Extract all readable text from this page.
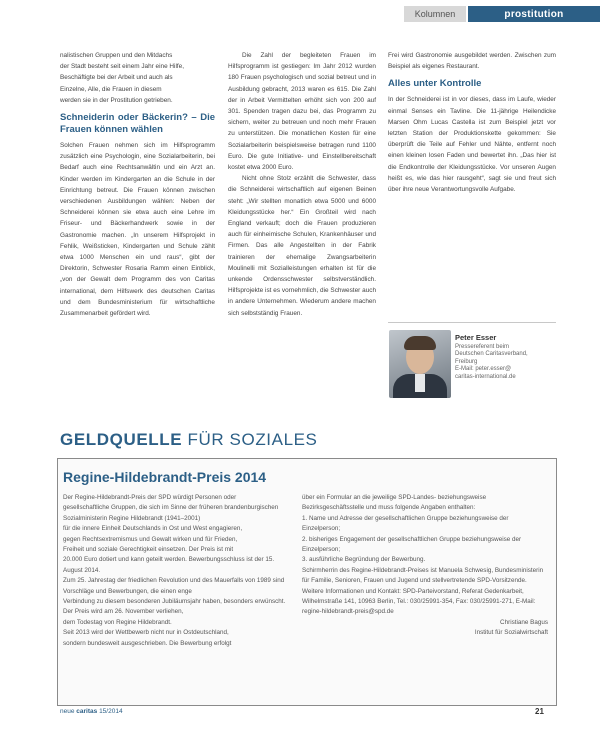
Kolumnen	prostitution

nalistischen Gruppen und den Mitdachs

der Stadt besteht seit einem Jahr eine Hilfe,

Beschäftigte bei der Arbeit und auch als

Einzelne, Alle, die Frauen in diesem

werden sie in der Prostitution getrieben.

Schneiderin oder Bäckerin? – Die Frauen können wählen

Solchen Frauen nehmen sich im Hilfsprogramm zusätzlich eine Psychologin, eine Sozialarbeiterin, bei Bedarf auch eine Rechtsanwältin und ein Arzt an. Kinder werden im Kindergarten an die Schule in der Einrichtung betreut. Die Frauen können zwischen verschiedenen Ausbildungen wählen: Neben der Schneiderei können sie etwa auch eine Lehre im Friseur- und Bäckerhandwerk sowie in der Gastronomie machen. „In unserem Hilfsprojekt in Fehlik, Weißsticken, Kindergarten und Schule zählt etwa 1000 Menschen ein und raus“, gibt der Direktorin, Schwester Rosaria Ramm einen Einblick, „von der Gewalt dem Programm des von Caritas international, dem Hilfswerk des deutschen Caritas und dem Bundesministerium für wirtschaftliche Zusammenarbeit gefördert wird.

Die Zahl der begleiteten Frauen im Hilfsprogramm ist gestiegen: Im Jahr 2012 wurden 180 Frauen psychologisch und sozial betreut und in Ausbildung gebracht, 2013 waren es 615. Die Zahl der in Arbeit Vermittelten erhöht sich von 200 auf 301. Spenden tragen dazu bei, das Programm zu sichern, weiter zu betreuen und noch mehr Frauen zu unterstützen. Die monatlichen Kosten für eine Sozialarbeiterin beispielsweise betragen rund 1100 Euro. Die gute Initiative- und Einstellbereitschaft kostet etwa 2000 Euro.

Nicht ohne Stolz erzählt die Schwester, dass die Schneiderei wirtschaftlich auf eigenen Beinen steht: „Wir stellten monatlich etwa 5000 und 6000 Kleidungsstücke her.“ Ein Großteil wird nach England verkauft; doch die Frauen produzieren auch für einheimische Schulen, Krankenhäuser und Firmen. Das alle Angestellten in der Fabrik trainieren der ehemalige Zwangsarbeiterin Moulinelli mit Sozialleistungen erhalten ist für die unkende Ordensschwester selbstverständlich. Hilfsprojekte ist es vornehmlich, die Schwester auch in andere Unternehmen. Wiederum andere machen sich selbstständig Frauen.

Frei wird Gastronomie ausgebildet werden. Zwischen zum Beispiel als eigenes Restaurant.

Alles unter Kontrolle

In der Schneiderei ist in vor dieses, dass im Laufe, wieder einmal Senses ein Tavline. Die 11-jährige Heilendicke Marsen Ohm Lucas Castella ist zum Beispiel jetzt vor letzten Station der Produktionskette gekommen: Sie überprüft die Teile auf Fehler und Nähte, entfernt noch einen kleinen losen Faden und bewertet ihn. „Das hier ist die Endkontrolle der Kleidungsstücke. Vor unseren Augen heißt es, wie das hier rausgeht“, sagt sie und freut sich über ihre neue Verantwortungsvolle Aufgabe.

Peter Esser
Pressereferent beim
Deutschen Caritasverband,
Freiburg
E-Mail: peter.esser@
caritas-international.de
GELDQUELLE FÜR SOZIALES
Regine-Hildebrandt-Preis 2014

Der Regine-Hildebrandt-Preis der SPD würdigt Personen oder

gesellschaftliche Gruppen, die sich im Sinne der früheren brandenburgischen Sozialministerin Regine Hildebrandt (1941–2001)

für die innere Einheit Deutschlands in Ost und West engagieren,

gegen Rechtsextremismus und Gewalt wirken und für Frieden,

Freiheit und soziale Gerechtigkeit einsetzen. Der Preis ist mit

20.000 Euro dotiert und kann geteilt werden. Bewerbungsschluss ist der 15. August 2014.

Zum 25. Jahrestag der friedlichen Revolution und des Mauerfalls von 1989 sind Vorschläge und Bewerbungen, die einen enge

Verbindung zu diesem besonderen Jubiläumsjahr haben, besonders erwünscht. Der Preis wird am 26. November verliehen,

dem Todestag von Regine Hildebrandt.

Seit 2013 wird der Wettbewerb nicht nur in Ostdeutschland,

sondern bundesweit ausgeschrieben. Die Bewerbung erfolgt

über ein Formular an die jeweilige SPD-Landes- beziehungsweise Bezirksgeschäftsstelle und muss folgende Angaben enthalten:

1. Name und Adresse der gesellschaftlichen Gruppe beziehungsweise der Einzelperson;

2. bisheriges Engagement der gesellschaftlichen Gruppe beziehungsweise der Einzelperson;

3. ausführliche Begründung der Bewerbung.

Schirmherrin des Regine-Hildebrandt-Preises ist Manuela Schwesig, Bundesministerin für Familie, Senioren, Frauen und Jugend und stellvertretende SPD-Vorsitzende.

Weitere Informationen und Kontakt: SPD-Parteivorstand, Referat Gedenkarbeit, Wilhelmstraße 141, 10963 Berlin, Tel.: 030/25991-354, Fax: 030/25991-271, E-Mail: regine-hildebrandt-preis@spd.de

Christiane Bagus

Institut für Sozialwirtschaft

neue caritas 15/2014	21
